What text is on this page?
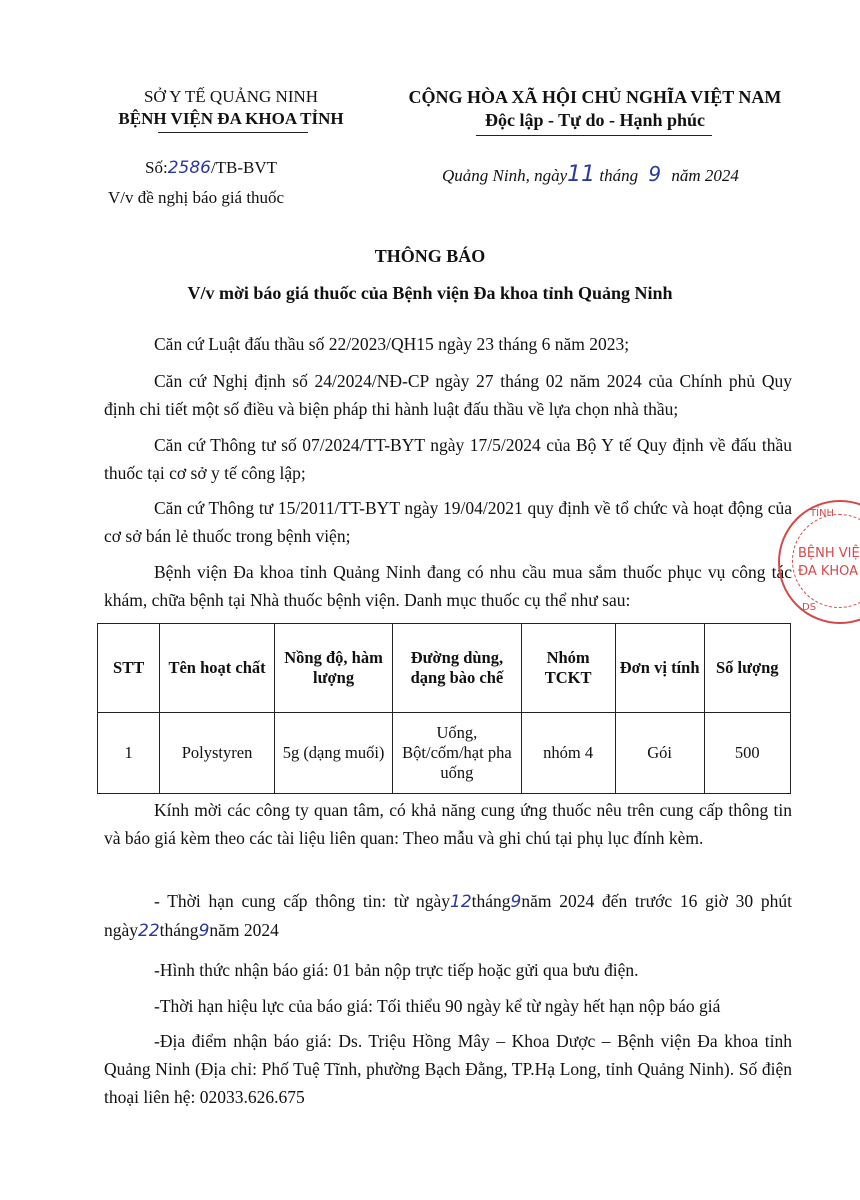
SỞ Y TẾ QUẢNG NINH
BỆNH VIỆN ĐA KHOA TỈNH
Số:2586/TB-BVT
V/v đề nghị báo giá thuốc
CỘNG HÒA XÃ HỘI CHỦ NGHĨA VIỆT NAM
Độc lập - Tự do - Hạnh phúc
Quảng Ninh, ngày11 tháng 9 năm 2024
THÔNG BÁO
V/v mời báo giá thuốc của Bệnh viện Đa khoa tỉnh Quảng Ninh

Căn cứ Luật đấu thầu số 22/2023/QH15 ngày 23 tháng 6 năm 2023;

Căn cứ Nghị định số 24/2024/NĐ-CP ngày 27 tháng 02 năm 2024 của Chính phủ Quy định chi tiết một số điều và biện pháp thi hành luật đấu thầu về lựa chọn nhà thầu;

Căn cứ Thông tư số 07/2024/TT-BYT ngày 17/5/2024 của Bộ Y tế Quy định về đấu thầu thuốc tại cơ sở y tế công lập;

Căn cứ Thông tư 15/2011/TT-BYT ngày 19/04/2021 quy định về tổ chức và hoạt động của cơ sở bán lẻ thuốc trong bệnh viện;

Bệnh viện Đa khoa tỉnh Quảng Ninh đang có nhu cầu mua sắm thuốc phục vụ công tác khám, chữa bệnh tại Nhà thuốc bệnh viện. Danh mục thuốc cụ thể như sau:

TỈNH
BỆNH VIỆ
ĐA KHOA
DS
STT	Tên hoạt chất	Nồng độ, hàm lượng	Đường dùng, dạng bào chế	Nhóm TCKT	Đơn vị tính	Số lượng
1	Polystyren	5g (dạng muối)	Uống, Bột/cốm/hạt pha uống	nhóm 4	Gói	500

Kính mời các công ty quan tâm, có khả năng cung ứng thuốc nêu trên cung cấp thông tin và báo giá kèm theo các tài liệu liên quan: Theo mẫu và ghi chú tại phụ lục đính kèm.

- Thời hạn cung cấp thông tin: từ ngày12tháng9năm 2024 đến trước 16 giờ 30 phút ngày22tháng9năm 2024

-Hình thức nhận báo giá: 01 bản nộp trực tiếp hoặc gửi qua bưu điện.

-Thời hạn hiệu lực của báo giá: Tối thiểu 90 ngày kể từ ngày hết hạn nộp báo giá

-Địa điểm nhận báo giá: Ds. Triệu Hồng Mây – Khoa Dược – Bệnh viện Đa khoa tỉnh Quảng Ninh (Địa chỉ: Phố Tuệ Tĩnh, phường Bạch Đằng, TP.Hạ Long, tỉnh Quảng Ninh). Số điện thoại liên hệ: 02033.626.675
